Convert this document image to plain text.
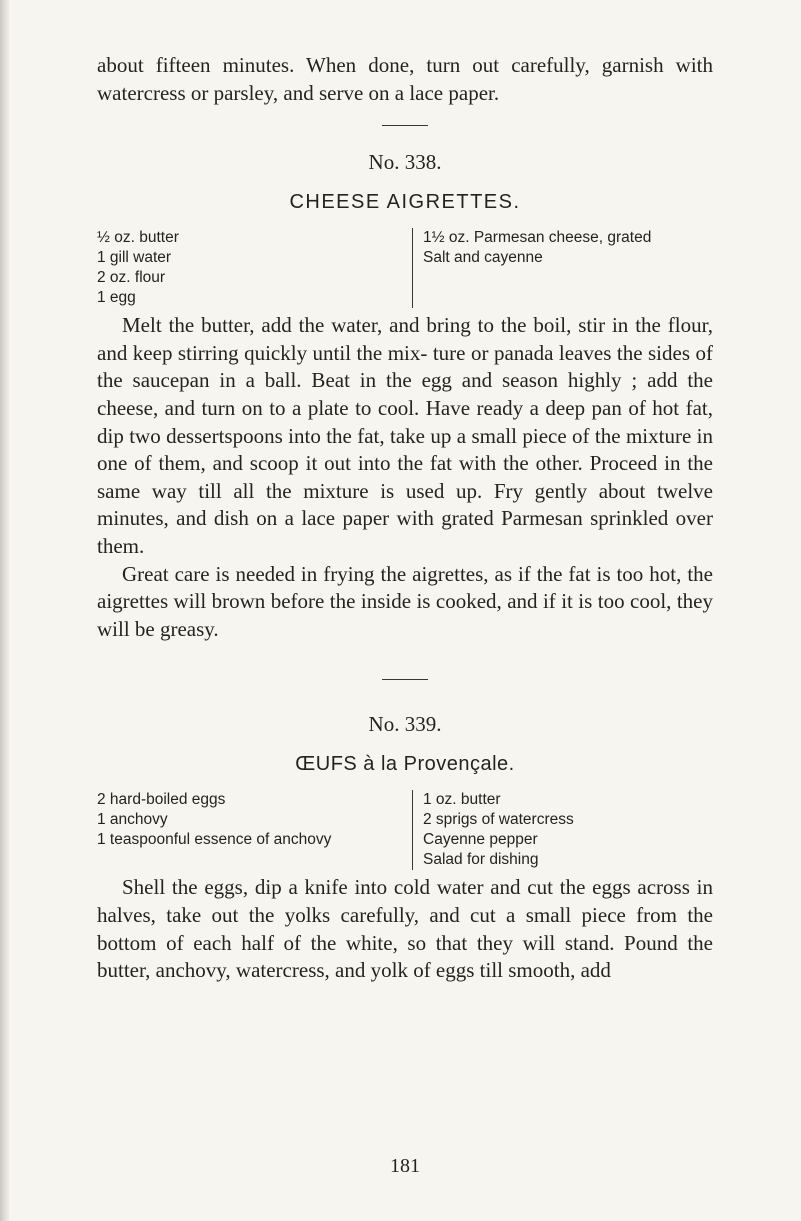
about fifteen minutes. When done, turn out carefully, garnish with watercress or parsley, and serve on a lace paper.

No. 338.

CHEESE AIGRETTES.

½ oz. butter
1 gill water
2 oz. flour
1 egg
1½ oz. Parmesan cheese, grated
Salt and cayenne

Melt the butter, add the water, and bring to the boil, stir in the flour, and keep stirring quickly until the mix- ture or panada leaves the sides of the saucepan in a ball. Beat in the egg and season highly ; add the cheese, and turn on to a plate to cool. Have ready a deep pan of hot fat, dip two dessertspoons into the fat, take up a small piece of the mixture in one of them, and scoop it out into the fat with the other. Proceed in the same way till all the mixture is used up. Fry gently about twelve minutes, and dish on a lace paper with grated Parmesan sprinkled over them.

Great care is needed in frying the aigrettes, as if the fat is too hot, the aigrettes will brown before the inside is cooked, and if it is too cool, they will be greasy.

No. 339.

ŒUFS à la Provençale.

2 hard-boiled eggs
1 anchovy
1 teaspoonful essence of anchovy
1 oz. butter
2 sprigs of watercress
Cayenne pepper
Salad for dishing

Shell the eggs, dip a knife into cold water and cut the eggs across in halves, take out the yolks carefully, and cut a small piece from the bottom of each half of the white, so that they will stand. Pound the butter, anchovy, watercress, and yolk of eggs till smooth, add

181
